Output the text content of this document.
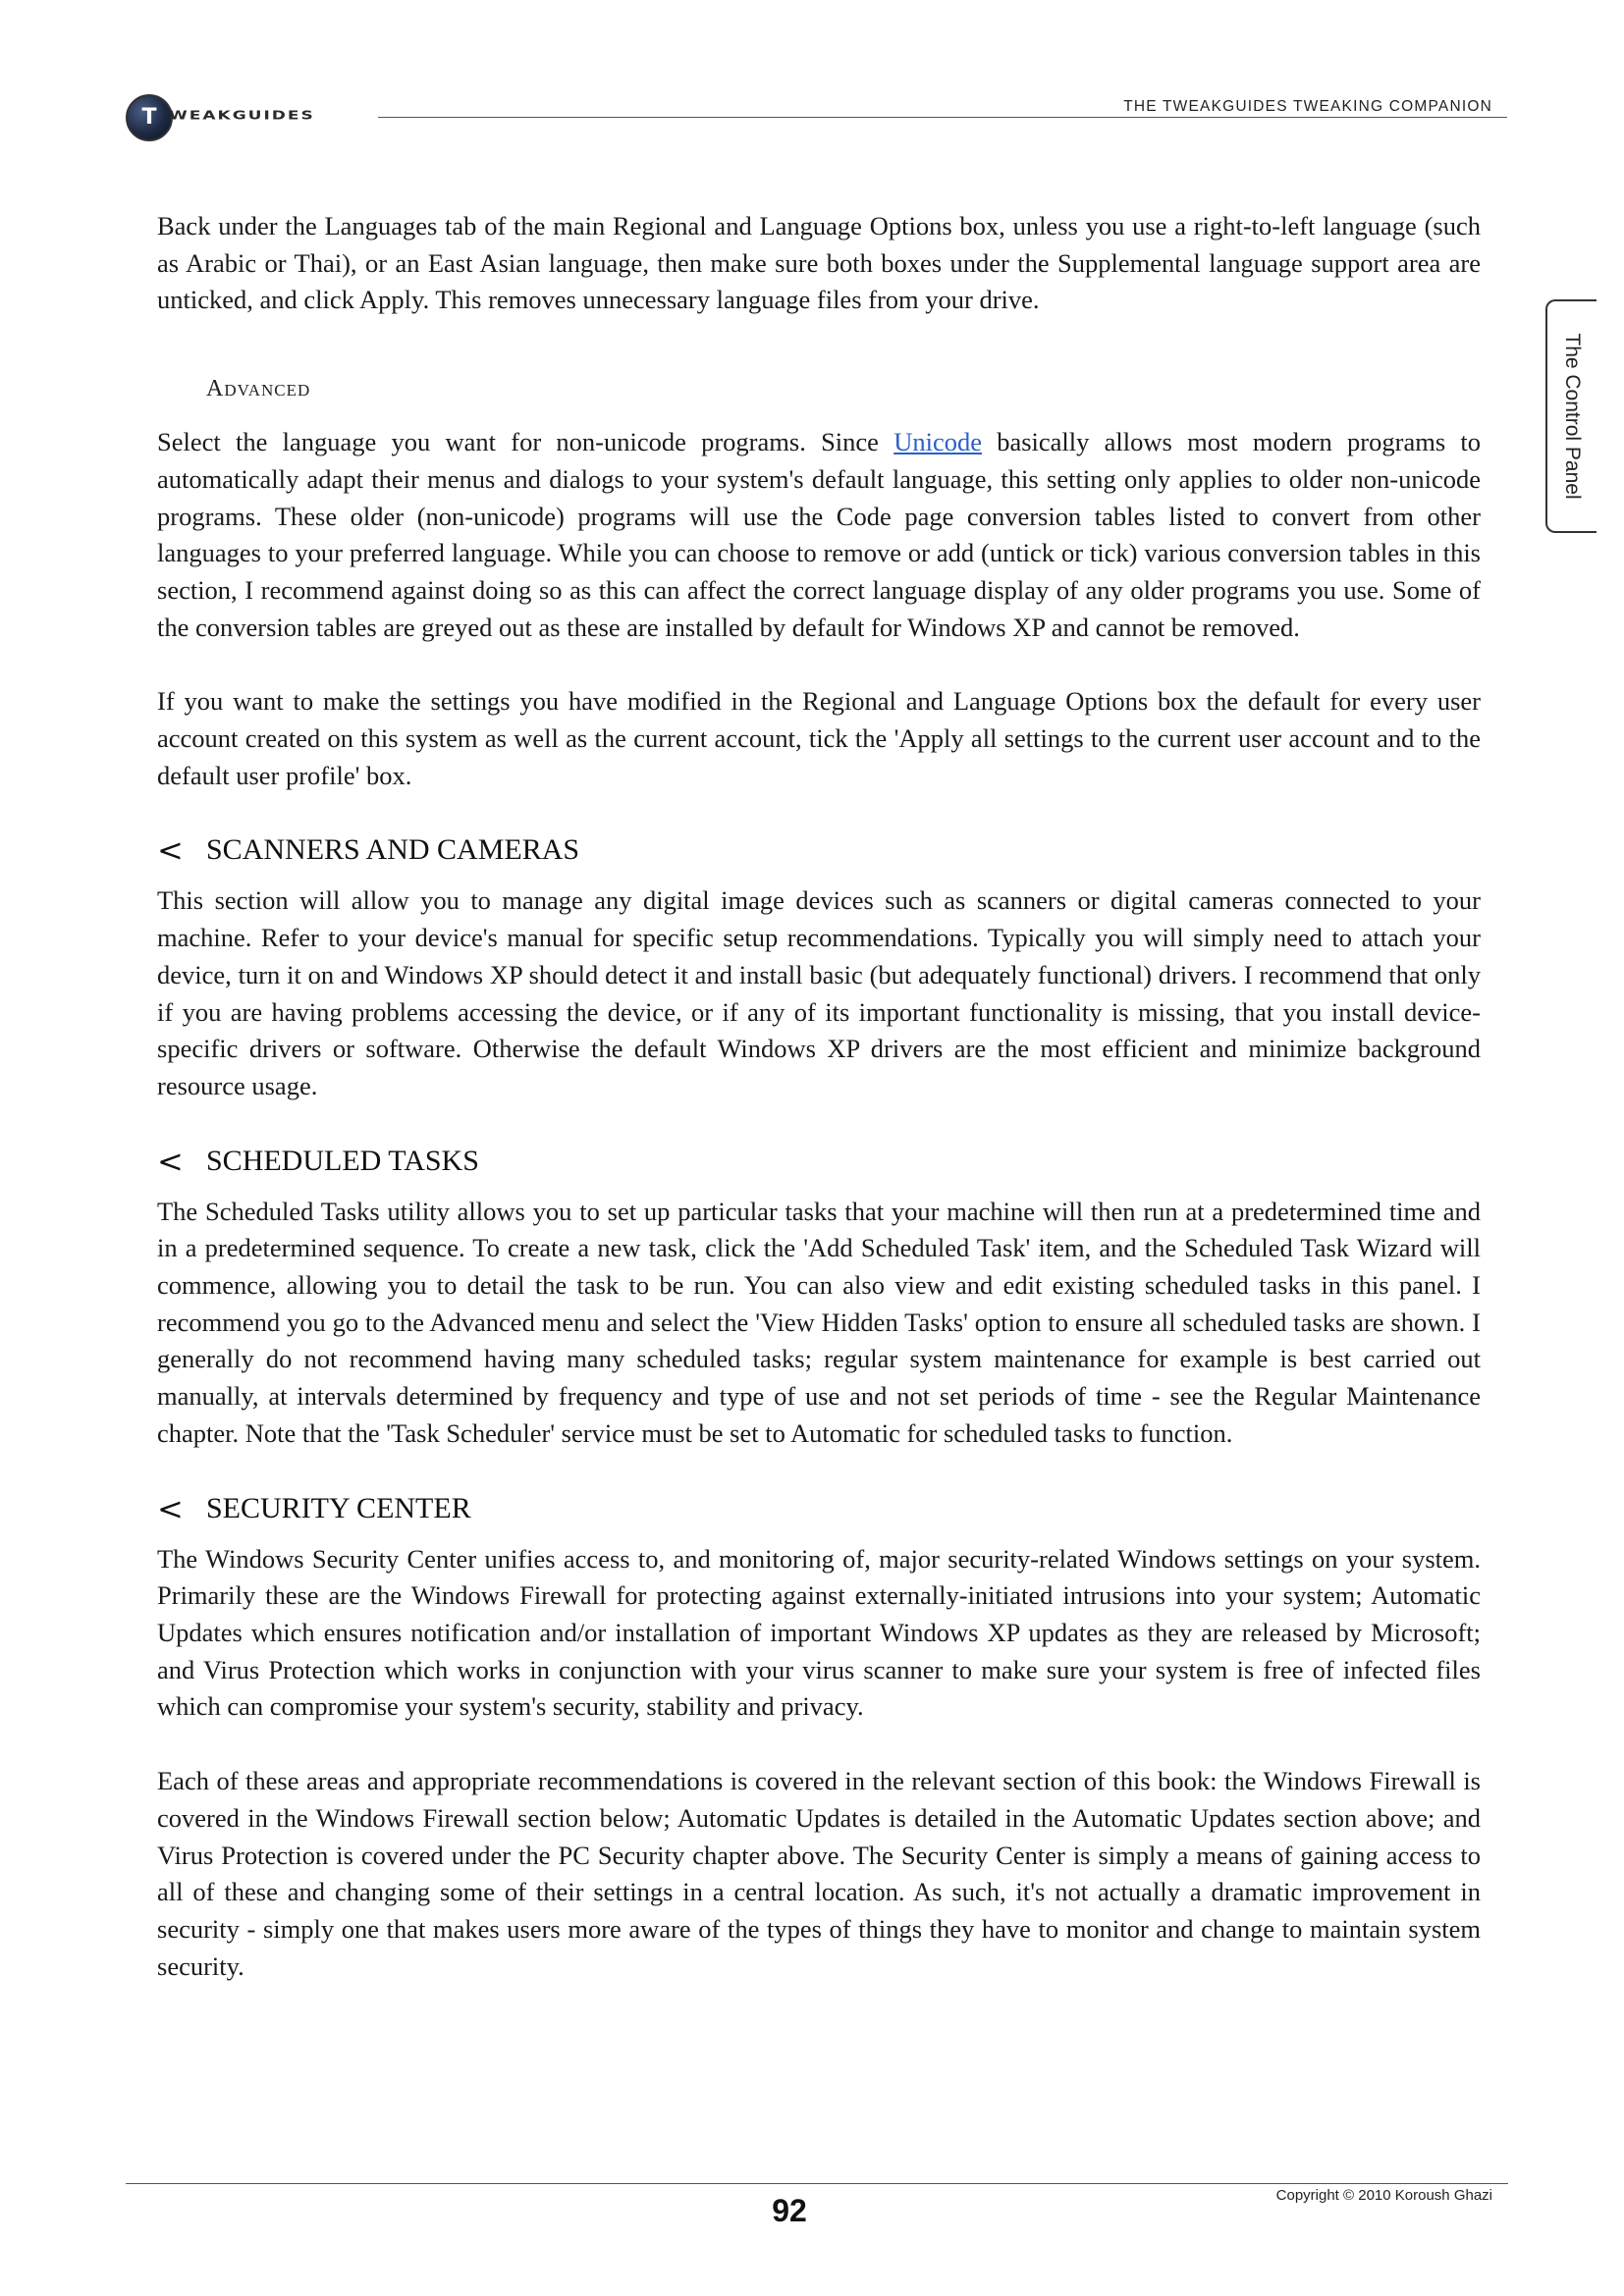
T WEAKGUIDES
THE TWEAKGUIDES TWEAKING COMPANION
The Control Panel

Back under the Languages tab of the main Regional and Language Options box, unless you use a right-to-left language (such as Arabic or Thai), or an East Asian language, then make sure both boxes under the Supplemental language support area are unticked, and click Apply. This removes unnecessary language files from your drive.

Advanced

Select the language you want for non-unicode programs. Since Unicode basically allows most modern programs to automatically adapt their menus and dialogs to your system's default language, this setting only applies to older non-unicode programs. These older (non-unicode) programs will use the Code page conversion tables listed to convert from other languages to your preferred language. While you can choose to remove or add (untick or tick) various conversion tables in this section, I recommend against doing so as this can affect the correct language display of any older programs you use. Some of the conversion tables are greyed out as these are installed by default for Windows XP and cannot be removed.

If you want to make the settings you have modified in the Regional and Language Options box the default for every user account created on this system as well as the current account, tick the 'Apply all settings to the current user account and to the default user profile' box.

< SCANNERS AND CAMERAS

This section will allow you to manage any digital image devices such as scanners or digital cameras connected to your machine. Refer to your device's manual for specific setup recommendations. Typically you will simply need to attach your device, turn it on and Windows XP should detect it and install basic (but adequately functional) drivers. I recommend that only if you are having problems accessing the device, or if any of its important functionality is missing, that you install device-specific drivers or software. Otherwise the default Windows XP drivers are the most efficient and minimize background resource usage.

< SCHEDULED TASKS

The Scheduled Tasks utility allows you to set up particular tasks that your machine will then run at a predetermined time and in a predetermined sequence. To create a new task, click the 'Add Scheduled Task' item, and the Scheduled Task Wizard will commence, allowing you to detail the task to be run. You can also view and edit existing scheduled tasks in this panel. I recommend you go to the Advanced menu and select the 'View Hidden Tasks' option to ensure all scheduled tasks are shown. I generally do not recommend having many scheduled tasks; regular system maintenance for example is best carried out manually, at intervals determined by frequency and type of use and not set periods of time - see the Regular Maintenance chapter. Note that the 'Task Scheduler' service must be set to Automatic for scheduled tasks to function.

< SECURITY CENTER

The Windows Security Center unifies access to, and monitoring of, major security-related Windows settings on your system. Primarily these are the Windows Firewall for protecting against externally-initiated intrusions into your system; Automatic Updates which ensures notification and/or installation of important Windows XP updates as they are released by Microsoft; and Virus Protection which works in conjunction with your virus scanner to make sure your system is free of infected files which can compromise your system's security, stability and privacy.

Each of these areas and appropriate recommendations is covered in the relevant section of this book: the Windows Firewall is covered in the Windows Firewall section below; Automatic Updates is detailed in the Automatic Updates section above; and Virus Protection is covered under the PC Security chapter above. The Security Center is simply a means of gaining access to all of these and changing some of their settings in a central location. As such, it's not actually a dramatic improvement in security - simply one that makes users more aware of the types of things they have to monitor and change to maintain system security.

Copyright © 2010 Koroush Ghazi
92
